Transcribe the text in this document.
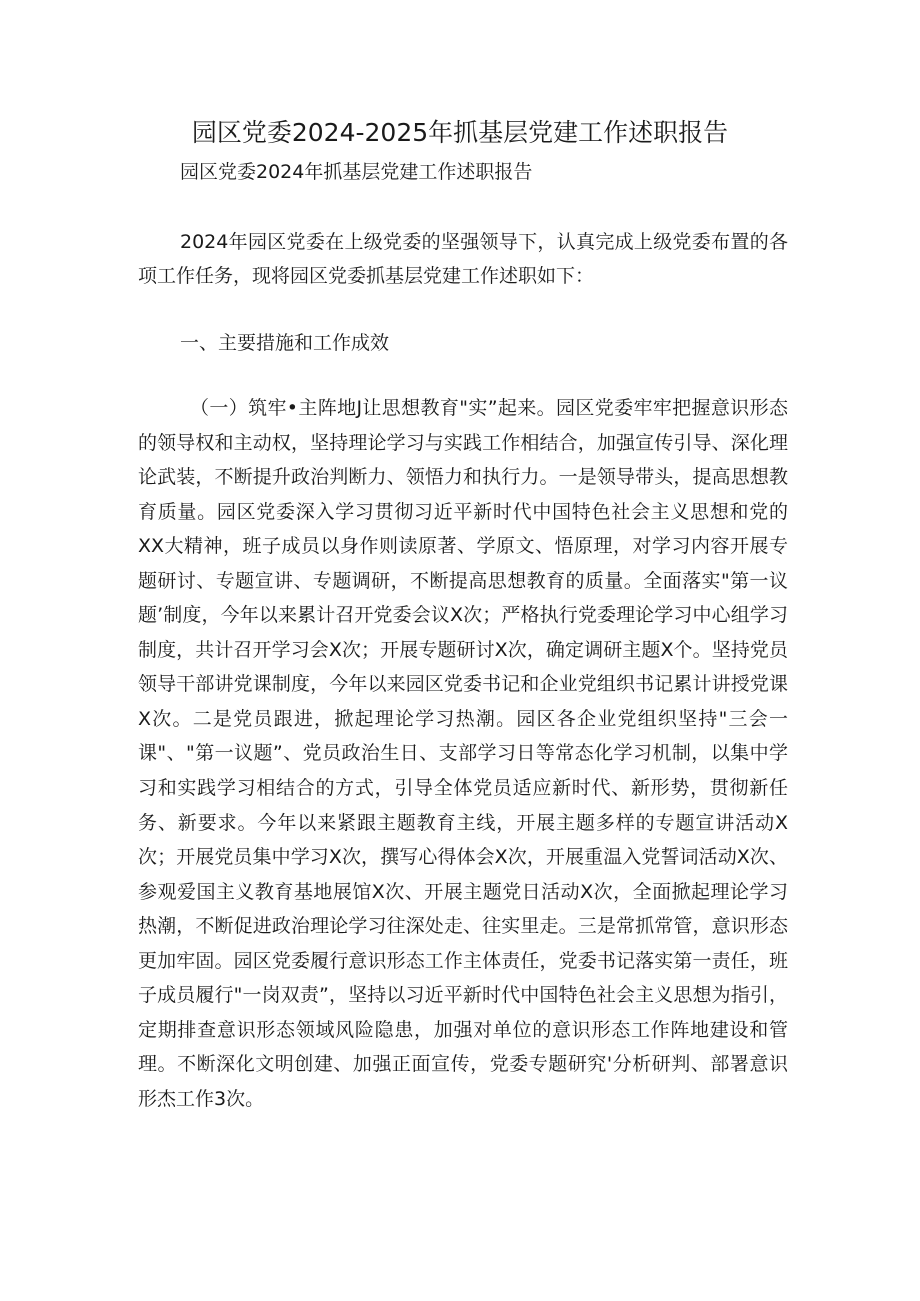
园区党委2024-2025年抓基层党建工作述职报告

园区党委2024年抓基层党建工作述职报告

2024年园区党委在上级党委的坚强领导下，认真完成上级党委布置的各项工作任务，现将园区党委抓基层党建工作述职如下：

一、主要措施和工作成效

（一）筑牢•主阵地J让思想教育"实”起来。园区党委牢牢把握意识形态的领导权和主动权，坚持理论学习与实践工作相结合，加强宣传引导、深化理论武装，不断提升政治判断力、领悟力和执行力。一是领导带头，提高思想教育质量。园区党委深入学习贯彻习近平新时代中国特色社会主义思想和党的XX大精神，班子成员以身作则读原著、学原文、悟原理，对学习内容开展专题研讨、专题宣讲、专题调研，不断提高思想教育的质量。全面落实"第一议题’制度，今年以来累计召开党委会议X次；严格执行党委理论学习中心组学习制度，共计召开学习会X次；开展专题研讨X次，确定调研主题X个。坚持党员领导干部讲党课制度，今年以来园区党委书记和企业党组织书记累计讲授党课X次。二是党员跟进，掀起理论学习热潮。园区各企业党组织坚持"三会一课"、"第一议题”、党员政治生日、支部学习日等常态化学习机制，以集中学习和实践学习相结合的方式，引导全体党员适应新时代、新形势，贯彻新任务、新要求。今年以来紧跟主题教育主线，开展主题多样的专题宣讲活动X次；开展党员集中学习X次，撰写心得体会X次，开展重温入党誓词活动X次、参观爱国主义教育基地展馆X次、开展主题党日活动X次，全面掀起理论学习热潮，不断促进政治理论学习往深处走、往实里走。三是常抓常管，意识形态更加牢固。园区党委履行意识形态工作主体责任，党委书记落实第一责任，班子成员履行"一岗双责”，坚持以习近平新时代中国特色社会主义思想为指引，定期排查意识形态领域风险隐患，加强对单位的意识形态工作阵地建设和管理。不断深化文明创建、加强正面宣传，党委专题研究'分析研判、部署意识形杰工作3次。
